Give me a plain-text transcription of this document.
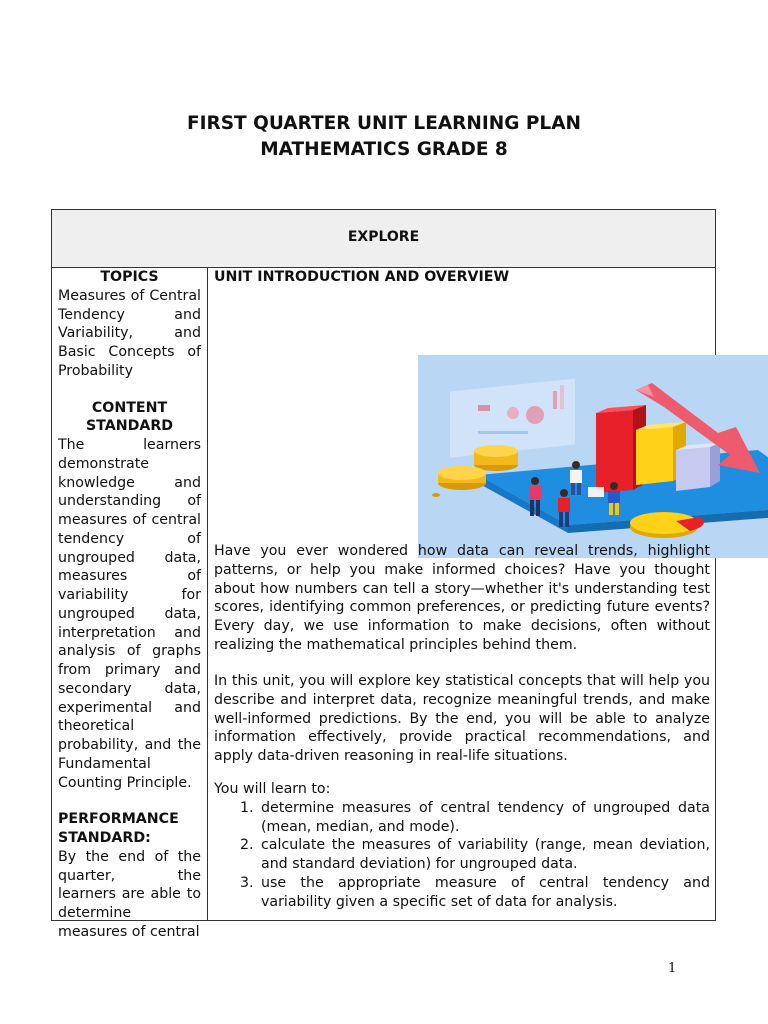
FIRST QUARTER UNIT LEARNING PLAN
MATHEMATICS GRADE 8
EXPLORE

TOPICS

Measures of Central Tendency and Variability, and Basic Concepts of Probability

CONTENT STANDARD

The learners demonstrate knowledge and understanding of measures of central tendency of ungrouped data, measures of variability for ungrouped data, interpretation and analysis of graphs from primary and secondary data, experimental and theoretical probability, and the Fundamental Counting Principle.

PERFORMANCE STANDARD:

By the end of the quarter, the learners are able to determine measures of central

UNIT INTRODUCTION AND OVERVIEW

Have you ever wondered how data can reveal trends, highlight patterns, or help you make informed choices? Have you thought about how numbers can tell a story—whether it's understanding test scores, identifying common preferences, or predicting future events? Every day, we use information to make decisions, often without realizing the mathematical principles behind them.

In this unit, you will explore key statistical concepts that will help you describe and interpret data, recognize meaningful trends, and make well-informed predictions. By the end, you will be able to analyze information effectively, provide practical recommendations, and apply data-driven reasoning in real-life situations.

You will learn to:

1. determine measures of central tendency of ungrouped data (mean, median, and mode).
2. calculate the measures of variability (range, mean deviation, and standard deviation) for ungrouped data.
3. use the appropriate measure of central tendency and variability given a specific set of data for analysis.
1
